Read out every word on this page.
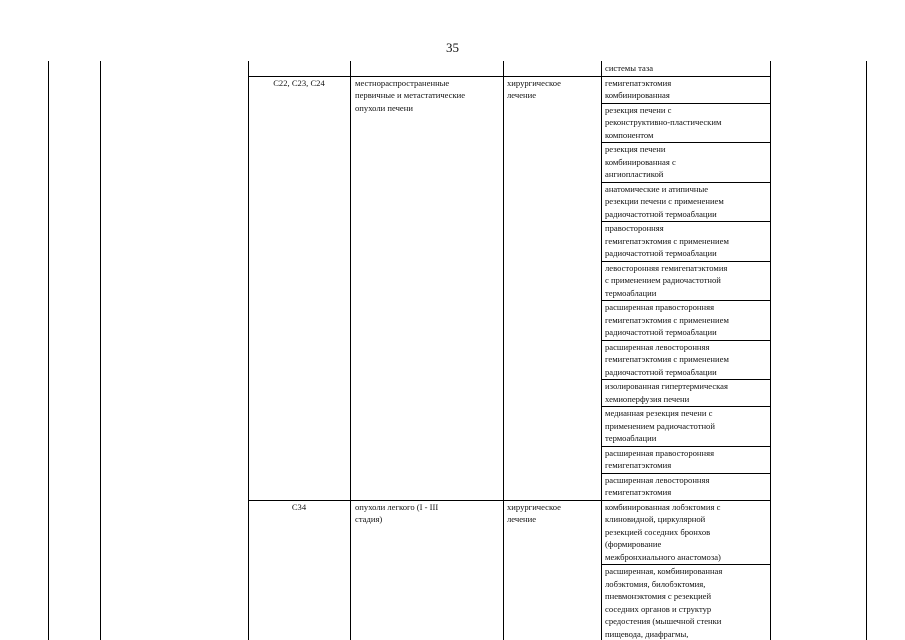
35
системы таза
С22, С23, С24	местнораспространенные
первичные и метастатические
опухоли печени
хирургическое
лечение
гемигепатэктомия
комбинированная
резекция печени с
реконструктивно-пластическим
компонентом
резекция печени
комбинированная с
ангиопластикой
анатомические и атипичные
резекции печени с применением
радиочастотной термоаблации
правосторонняя
гемигепатэктомия с применением
радиочастотной термоаблации
левосторонняя гемигепатэктомия
с применением радиочастотной
термоаблации
расширенная правосторонняя
гемигепатэктомия с применением
радиочастотной термоаблации
расширенная левосторонняя
гемигепатэктомия с применением
радиочастотной термоаблации
изолированная гипертермическая
хемиоперфузия печени
медианная резекция печени с
применением радиочастотной
термоаблации
расширенная правосторонняя
гемигепатэктомия
расширенная левосторонняя
гемигепатэктомия
С34	опухоли легкого (I - III
стадия)
хирургическое
лечение
комбинированная лобэктомия с
клиновидной, циркулярной
резекцией соседних бронхов
(формирование
межбронхиального анастомоза)
расширенная, комбинированная
лобэктомия, билобэктомия,
пневмонэктомия с резекцией
соседних органов и структур
средостения (мышечной стенки
пищевода, диафрагмы,
